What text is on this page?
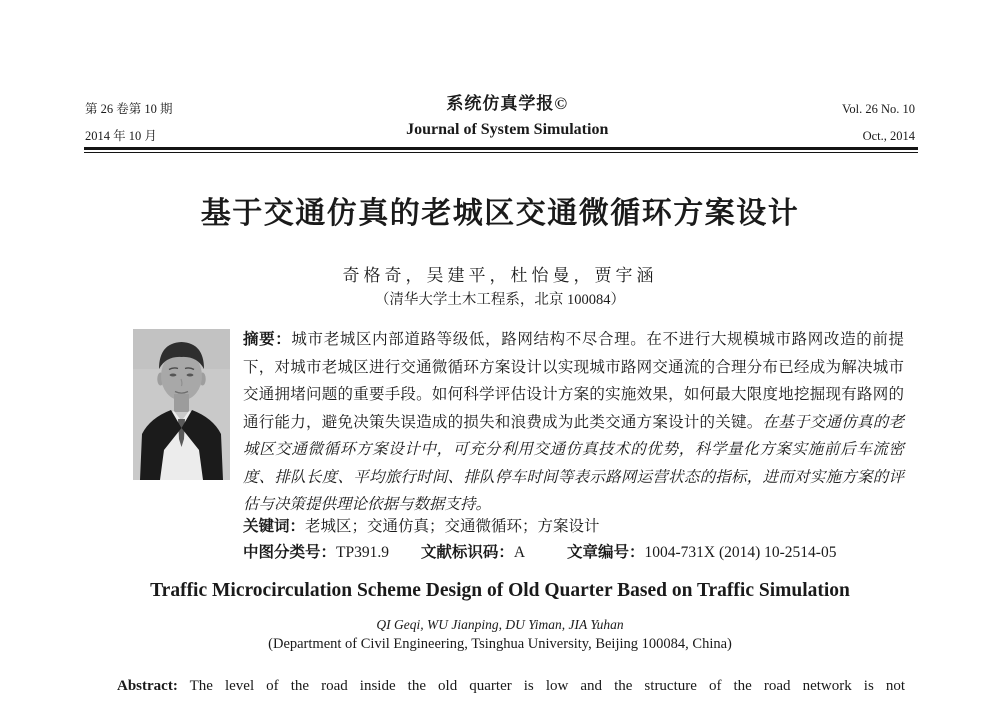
第 26 卷第 10 期
2014 年 10 月
系统仿真学报©
Journal of System Simulation
Vol. 26 No. 10
Oct., 2014
基于交通仿真的老城区交通微循环方案设计
奇格奇，吴建平，杜怡曼，贾宇涵
（清华大学土木工程系，北京 100084）
摘要：城市老城区内部道路等级低，路网结构不尽合理。在不进行大规模城市路网改造的前提下，对城市老城区进行交通微循环方案设计以实现城市路网交通流的合理分布已经成为解决城市交通拥堵问题的重要手段。如何科学评估设计方案的实施效果，如何最大限度地挖掘现有路网的通行能力，避免决策失误造成的损失和浪费成为此类交通方案设计的关键。在基于交通仿真的老城区交通微循环方案设计中，可充分利用交通仿真技术的优势，科学量化方案实施前后车流密度、排队长度、平均旅行时间、排队停车时间等表示路网运营状态的指标，进而对实施方案的评估与决策提供理论依据与数据支持。
关键词：老城区；交通仿真；交通微循环；方案设计
中图分类号：TP391.9 文献标识码：A	文章编号：1004-731X (2014) 10-2514-05
Traffic Microcirculation Scheme Design of Old Quarter Based on Traffic Simulation
QI Geqi, WU Jianping, DU Yiman, JIA Yuhan
(Department of Civil Engineering, Tsinghua University, Beijing 100084, China)
Abstract: The level of the road inside the old quarter is low and the structure of the road network is not
